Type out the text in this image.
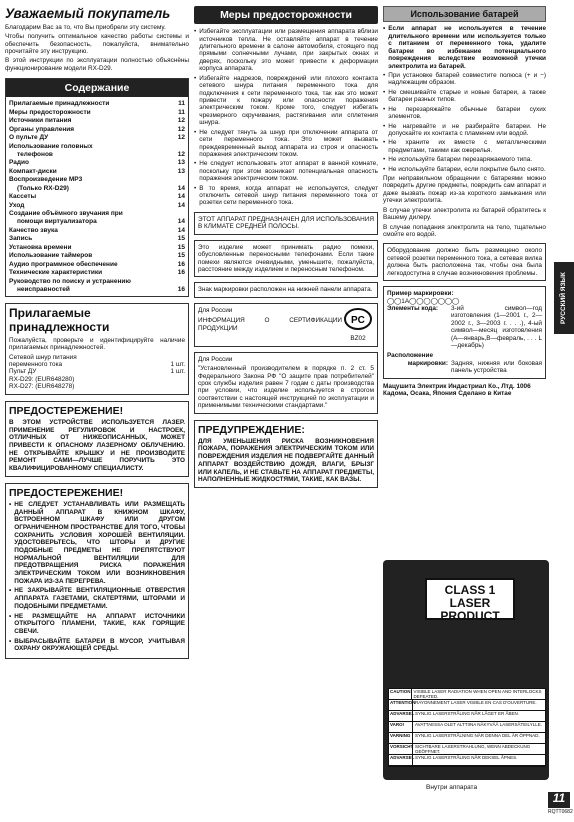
Уважаемый покупатель

Благодарим Вас за то, что Вы приобрели эту систему.

Чтобы получить оптимальное качество работы системы и обеспечить безопасность, пожалуйста, внимательно прочитайте эту инструкцию.

В этой инструкции по эксплуатации полностью объяснёны функционирование модели RX-D29.

Содержание
Прилагаемые принадлежности	11
Меры предосторожности	11
Источники питания	12
Органы управления	12
О пульте ДУ	12
Использование головных
телефонов	12
Радио	13
Компакт-диски	13
Воспроизведение MP3
(Только RX-D29)	14
Кассеты	14
Уход	14
Создание объёмного звучания при
помощи виртуализатора	14
Качество звука	14
Запись	15
Установка времени	15
Использование таймеров	15
Аудио программное обеспечение	16
Технические характеристики	16
Руководство по поиску и устранению
неисправностей	16
Прилагаемые принадлежности

Пожалуйста, проверьте и идентифицируйте наличие прилагаемых принадлежностей.

Сетевой шнур питания
переменного тока	1 шт.
Пульт ДУ	1 шт.
RX-D29: (EUR648280)
RX-D27: (EUR648278)
ПРЕДОСТЕРЕЖЕНИЕ!
В ЭТОМ УСТРОЙСТВЕ ИСПОЛЬЗУЕТСЯ ЛАЗЕР. ПРИМЕНЕНИЕ РЕГУЛИРОВОК И НАСТРОЕК, ОТЛИЧНЫХ ОТ НИЖЕОПИСАННЫХ, МОЖЕТ ПРИВЕСТИ К ОПАСНОМУ ЛАЗЕРНОМУ ОБЛУЧЕНИЮ. НЕ ОТКРЫВАЙТЕ КРЫШКУ И НЕ ПРОИЗВОДИТЕ РЕМОНТ САМИ—ЛУЧШЕ ПОРУЧИТЬ ЭТО КВАЛИФИЦИРОВАННОМУ СПЕЦИАЛИСТУ.
ПРЕДОСТЕРЕЖЕНИЕ!
• НЕ СЛЕДУЕТ УСТАНАВЛИВАТЬ ИЛИ РАЗМЕЩАТЬ ДАННЫЙ АППАРАТ В КНИЖНОМ ШКАФУ, ВСТРОЕННОМ ШКАФУ ИЛИ ДРУГОМ ОГРАНИЧЕННОМ ПРОСТРАНСТВЕ ДЛЯ ТОГО, ЧТОБЫ СОХРАНИТЬ УСЛОВИЯ ХОРОШЕЙ ВЕНТИЛЯЦИИ. УДОСТОВЕРЬТЕСЬ, ЧТО ШТОРЫ И ДРУГИЕ ПОДОБНЫЕ ПРЕДМЕТЫ НЕ ПРЕПЯТСТВУЮТ НОРМАЛЬНОЙ ВЕНТИЛЯЦИИ ДЛЯ ПРЕДОТВРАЩЕНИЯ РИСКА ПОРАЖЕНИЯ ЭЛЕКТРИЧЕСКИМ ТОКОМ ИЛИ ВОЗНИКНОВЕНИЯ ПОЖАРА ИЗ-ЗА ПЕРЕГРЕВА.
• НЕ ЗАКРЫВАЙТЕ ВЕНТИЛЯЦИОННЫЕ ОТВЕРСТИЯ АППАРАТА ГАЗЕТАМИ, СКАТЕРТЯМИ, ШТОРАМИ И ПОДОБНЫМИ ПРЕДМЕТАМИ.
• НЕ РАЗМЕЩАЙТЕ НА АППАРАТ ИСТОЧНИКИ ОТКРЫТОГО ПЛАМЕНИ, ТАКИЕ, КАК ГОРЯЩИЕ СВЕЧИ.
• ВЫБРАСЫВАЙТЕ БАТАРЕИ В МУСОР, УЧИТЫВАЯ ОХРАНУ ОКРУЖАЮЩЕЙ СРЕДЫ.
Меры предосторожности
• Избегайте эксплуатации или размещения аппарата вблизи источников тепла. Не оставляйте аппарат в течение длительного времени в салоне автомобиля, стоящего под прямыми солнечными лучами, при закрытых окнах и дверях, поскольку это может привести к деформации корпуса аппарата.
• Избегайте надрезов, повреждений или плохого контакта сетевого шнура питания переменного тока для подключения к сети переменного тока, так как это может привести к пожару или опасности поражения электрическим током. Кроме того, следует избегать чрезмерного скручивания, растягивания или сплетения шнура.
• Не следует тянуть за шнур при отключении аппарата от сети переменного тока. Это может вызвать преждевременный выход аппарата из строя и опасность поражения электрическим током.
• Не следует использовать этот аппарат в ванной комнате, поскольку при этом возникает потенциальная опасность поражения электрическим током.
• В то время, когда аппарат не используется, следует отключить сетевой шнур питания переменного тока от розетки сети переменного тока.
ЭТОТ АППАРАТ ПРЕДНАЗНАЧЕН ДЛЯ ИСПОЛЬЗОВАНИЯ В КЛИМАТЕ СРЕДНЕЙ ПОЛОСЫ.
Это изделие может принимать радио помехи, обусловленные переносными телефонами. Если такие помехи являются очевидными, уменьшите, пожалуйста, расстояние между изделием и переносным телефоном.
Знак маркировки расположен на нижней панели аппарата.
Для России
ИНФОРМАЦИЯ О СЕРТИФИКАЦИИ ПРОДУКЦИИ
PC
BZ02
Для России
"Установленный производителем в порядке п. 2 ст. 5 Федерального Закона РФ "О защите прав потребителей" срок службы изделия равен 7 годам с даты производства при условии, что изделие используется в строгом соответствии с настоящей инструкцией по эксплуатации и применимыми техническими стандартами."
ПРЕДУПРЕЖДЕНИЕ:
ДЛЯ УМЕНЬШЕНИЯ РИСКА ВОЗНИКНОВЕНИЯ ПОЖАРА, ПОРАЖЕНИЯ ЭЛЕКТРИЧЕСКИМ ТОКОМ ИЛИ ПОВРЕЖДЕНИЯ ИЗДЕЛИЯ НЕ ПОДВЕРГАЙТЕ ДАННЫЙ АППАРАТ ВОЗДЕЙСТВИЮ ДОЖДЯ, ВЛАГИ, БРЫЗГ ИЛИ КАПЕЛЬ, И НЕ СТАВЬТЕ НА АППАРАТ ПРЕДМЕТЫ, НАПОЛНЕННЫЕ ЖИДКОСТЯМИ, ТАКИЕ, КАК ВАЗЫ.
Использование батарей
• Если аппарат не используется в течение длительного времени или используется только с питанием от переменного тока, удалите батареи во избежание потенциального повреждения вследствие возможной утечки электролита из батарей.
• При установке батарей совместите полюса (+ и −) надлежащим образом.
• Не смешивайте старые и новые батареи, а также батареи разных типов.
• Не перезаряжайте обычные батареи сухих элементов.
• Не нагревайте и не разбирайте батареи. Не допускайте их контакта с пламенем или водой.
• Не храните их вместе с металлическими предметами, такими как ожерелья.
• Не используйте батареи перезаряжаемого типа.
• Не используйте батареи, если покрытие было снято.

При неправильном обращении с батареями можно повредить другие предметы, повредить сам аппарат и даже вызвать пожар из-за короткого замыкания или утечки электролита.

В случае утечки электролита из батарей обратитесь к Вашему дилеру.

В случае попадания электролита на тело, тщательно смойте его водой.

Оборудование должно быть размещено около сетевой розетки переменного тока, а сетевая вилка должна быть расположена так, чтобы она была легкодоступна в случае возникновения проблемы.
Пример маркировки:
◯◯1A◯◯◯◯◯◯◯
Элементы кода:	3-ий символ—год изготовления (1—2001 г., 2—2002 г., 3—2003 г. . . .), 4-ый символ—месяц изготовления (А—январь,В—февраль, . . . L—декабрь)
Расположение
маркировки: Задняя, нижняя или боковая панель устройства
Мацушита Электрик Индастриал Ко., Лтд. 1006 Кадома, Осака, Япония Сделано в Китае
CLASS 1
LASER PRODUCT
CAUTION VISIBLE LASER RADIATION WHEN OPEN AND INTERLOCKS DEFEATED.
ATTENTION RAYONNEMENT LASER VISIBLE EN CAS D'OUVERTURE.
ADVARSEL SYNLIG LASERSTRÅLING NÅR LÅGET ER ÅBEN.
VARO!	AVATTAESSA OLET ALTTIINA NÄKYVÄÄ LASERSÄTEILYLLE.
VARNING	SYNLIG LASERSTRÅLNING NÄR DENNA DEL ÄR ÖPPNAD.
VORSICHT SICHTBARE LASERSTRAHLUNG, WENN ABDECKUNG GEÖFFNET.
ADVARSEL SYNLIG LASERSTRÅLING NÅR DEKSEL ÅPNES.
Внутри аппарата
РУССКИЙ ЯЗЫК
11
RQTT0682
